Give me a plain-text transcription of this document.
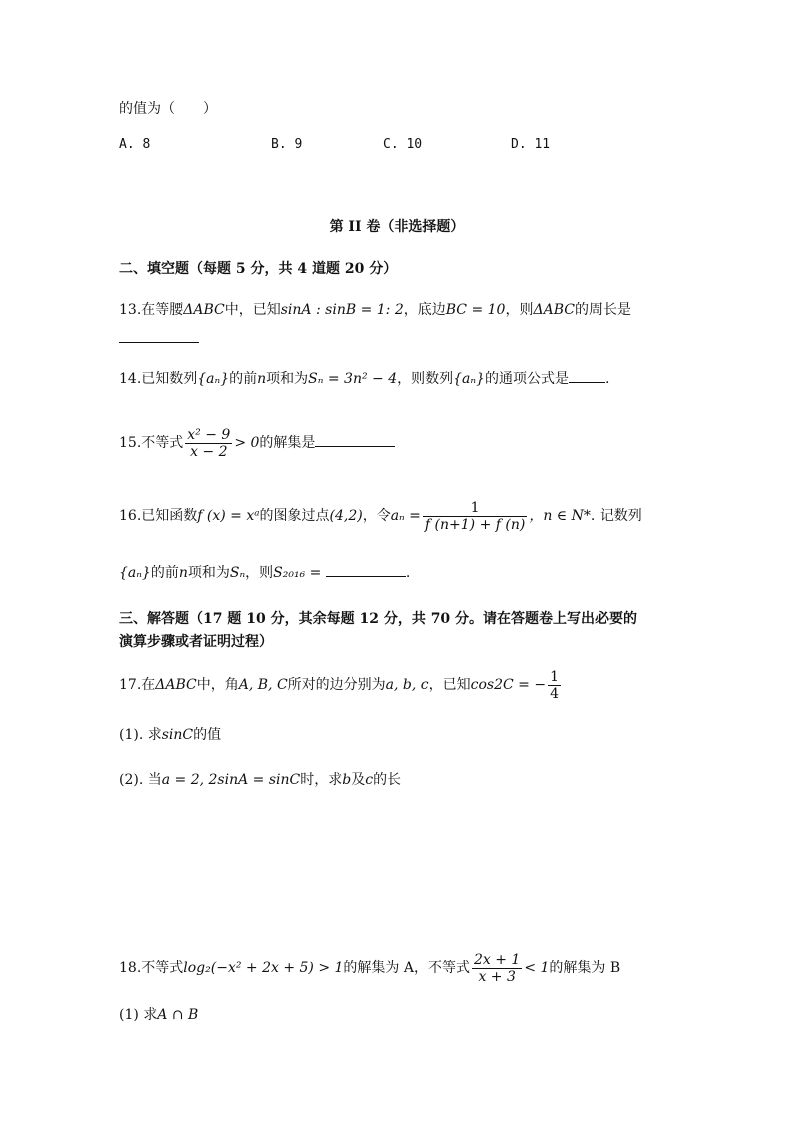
的值为（　　）
A. 8	B. 9	C. 10	D. 11
第 II 卷（非选择题）
二、填空题（每题 5 分，共 4 道题 20 分）
13.在等腰ΔABC中，已知sinA : sinB = 1: 2，底边BC = 10，则ΔABC的周长是
14.已知数列{aₙ}的前n项和为Sₙ = 3n² − 4，则数列{aₙ}的通项公式是	.
15.不等式 $\frac{\text{x² − 9}}{x - 2} > 0$的解集是
16.已知函数f (x) = xᵃ的图象过点(4,2)，令$a_n = \frac{1}{f (n+1) + f (n)}$ ，n ∈ N*. 记数列
{aₙ}的前n项和为Sₙ，则S₂₀₁₆ =	.
三、解答题（17 题 10 分，其余每题 12 分，共 70 分。请在答题卷上写出必要的
演算步骤或者证明过程）
17.在ΔABC中，角A, B, C所对的边分别为a, b, c，已知cos2C = − $\frac{1}{4}$
(1). 求sinC的值
(2). 当a = 2, 2sinA = sinC时，求b及c的长
18.不等式log₂(−x² + 2x + 5) > 1的解集为 A，不等式 $\frac{2x + 1}{x + 3} < 1$的解集为 B
(1) 求A ∩ B
